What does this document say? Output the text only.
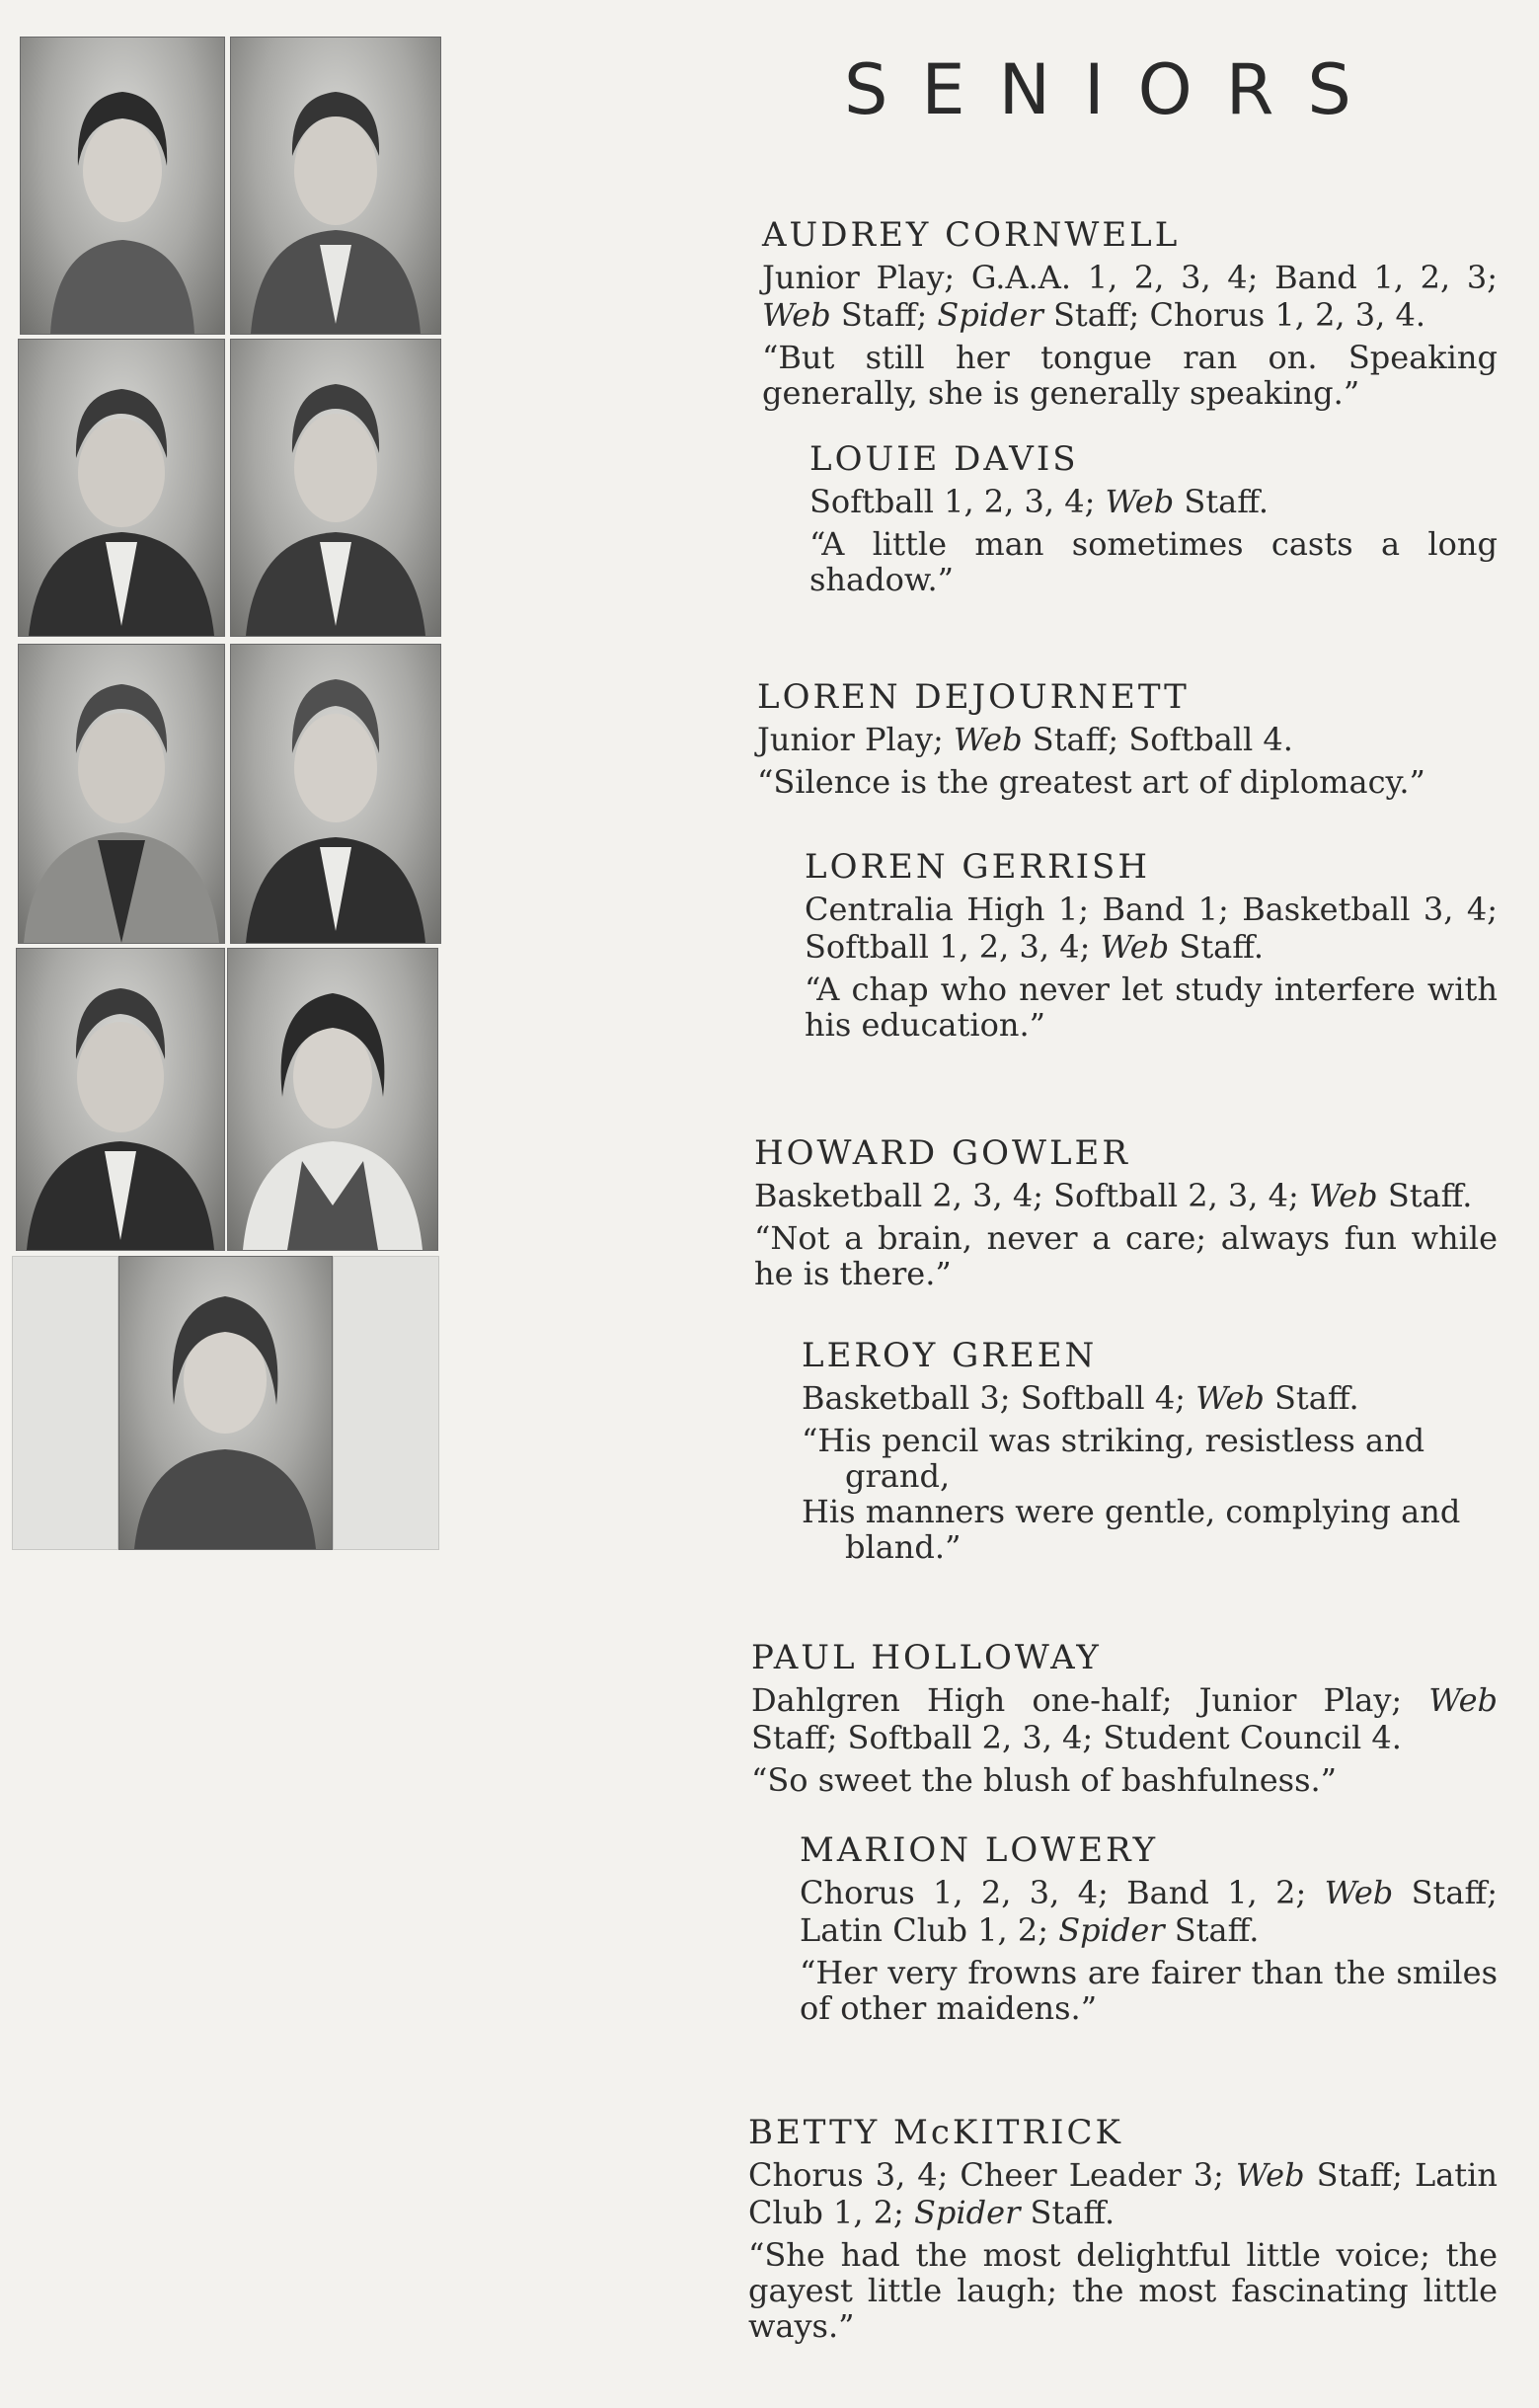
SENIORS
AUDREY CORNWELL
Junior Play; G.A.A. 1, 2, 3, 4; Band 1, 2, 3; Web Staff; Spider Staff; Chorus 1, 2, 3, 4.
“But still her tongue ran on. Speaking generally, she is generally speaking.”
LOUIE DAVIS
Softball 1, 2, 3, 4; Web Staff.
“A little man sometimes casts a long shadow.”
LOREN DEJOURNETT
Junior Play; Web Staff; Softball 4.
“Silence is the greatest art of diplomacy.”
LOREN GERRISH
Centralia High 1; Band 1; Basketball 3, 4; Softball 1, 2, 3, 4; Web Staff.
“A chap who never let study interfere with his education.”
HOWARD GOWLER
Basketball 2, 3, 4; Softball 2, 3, 4; Web Staff.
“Not a brain, never a care; always fun while he is there.”
LEROY GREEN
Basketball 3; Softball 4; Web Staff.
“His pencil was striking, resistless and
grand,
His manners were gentle, complying and
bland.”
PAUL HOLLOWAY
Dahlgren High one-half; Junior Play; Web Staff; Softball 2, 3, 4; Student Council 4.
“So sweet the blush of bashfulness.”
MARION LOWERY
Chorus 1, 2, 3, 4; Band 1, 2; Web Staff; Latin Club 1, 2; Spider Staff.
“Her very frowns are fairer than the smiles of other maidens.”
BETTY McKITRICK
Chorus 3, 4; Cheer Leader 3; Web Staff; Latin Club 1, 2; Spider Staff.
“She had the most delightful little voice; the gayest little laugh; the most fascinating little ways.”
